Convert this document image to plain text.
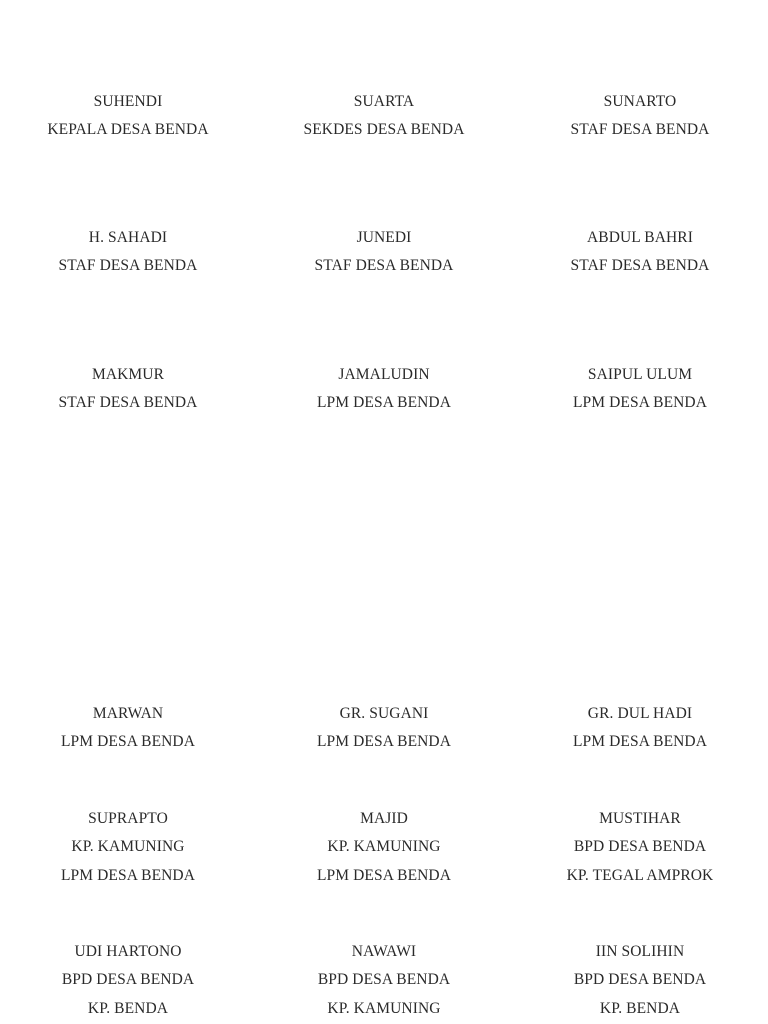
SUHENDI
KEPALA DESA BENDA
SUARTA
SEKDES DESA BENDA
SUNARTO
STAF DESA BENDA
H. SAHADI
STAF DESA BENDA
JUNEDI
STAF DESA BENDA
ABDUL BAHRI
STAF DESA BENDA
MAKMUR
STAF DESA BENDA
JAMALUDIN
LPM DESA BENDA
SAIPUL ULUM
LPM DESA BENDA
MARWAN
LPM DESA BENDA
GR. SUGANI
LPM DESA BENDA
GR. DUL HADI
LPM DESA BENDA
SUPRAPTO
KP. KAMUNING
LPM DESA BENDA
MAJID
KP. KAMUNING
LPM DESA BENDA
MUSTIHAR
BPD DESA BENDA
KP. TEGAL AMPROK
UDI HARTONO
BPD DESA BENDA
KP. BENDA
NAWAWI
BPD DESA BENDA
KP. KAMUNING
IIN SOLIHIN
BPD DESA BENDA
KP. BENDA
